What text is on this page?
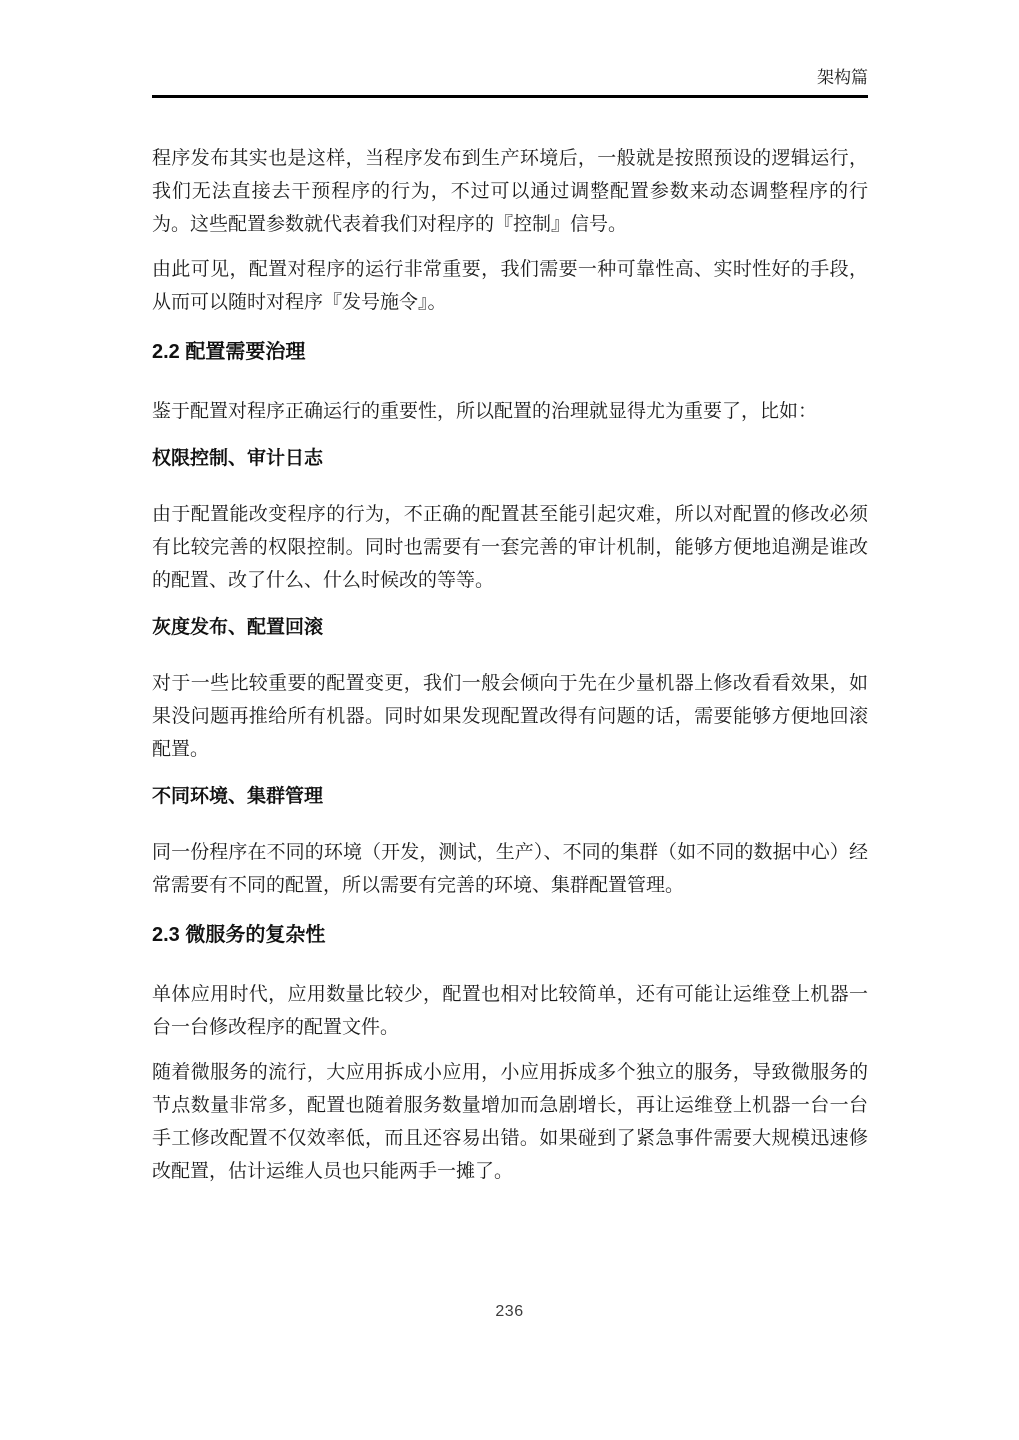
架构篇

程序发布其实也是这样，当程序发布到生产环境后，一般就是按照预设的逻辑运行，我们无法直接去干预程序的行为，不过可以通过调整配置参数来动态调整程序的行为。这些配置参数就代表着我们对程序的『控制』信号。

由此可见，配置对程序的运行非常重要，我们需要一种可靠性高、实时性好的手段，从而可以随时对程序『发号施令』。

2.2 配置需要治理

鉴于配置对程序正确运行的重要性，所以配置的治理就显得尤为重要了，比如：

权限控制、审计日志

由于配置能改变程序的行为，不正确的配置甚至能引起灾难，所以对配置的修改必须有比较完善的权限控制。同时也需要有一套完善的审计机制，能够方便地追溯是谁改的配置、改了什么、什么时候改的等等。

灰度发布、配置回滚

对于一些比较重要的配置变更，我们一般会倾向于先在少量机器上修改看看效果，如果没问题再推给所有机器。同时如果发现配置改得有问题的话，需要能够方便地回滚配置。

不同环境、集群管理

同一份程序在不同的环境（开发，测试，生产）、不同的集群（如不同的数据中心）经常需要有不同的配置，所以需要有完善的环境、集群配置管理。

2.3 微服务的复杂性

单体应用时代，应用数量比较少，配置也相对比较简单，还有可能让运维登上机器一台一台修改程序的配置文件。

随着微服务的流行，大应用拆成小应用，小应用拆成多个独立的服务，导致微服务的节点数量非常多，配置也随着服务数量增加而急剧增长，再让运维登上机器一台一台手工修改配置不仅效率低，而且还容易出错。如果碰到了紧急事件需要大规模迅速修改配置，估计运维人员也只能两手一摊了。

236
